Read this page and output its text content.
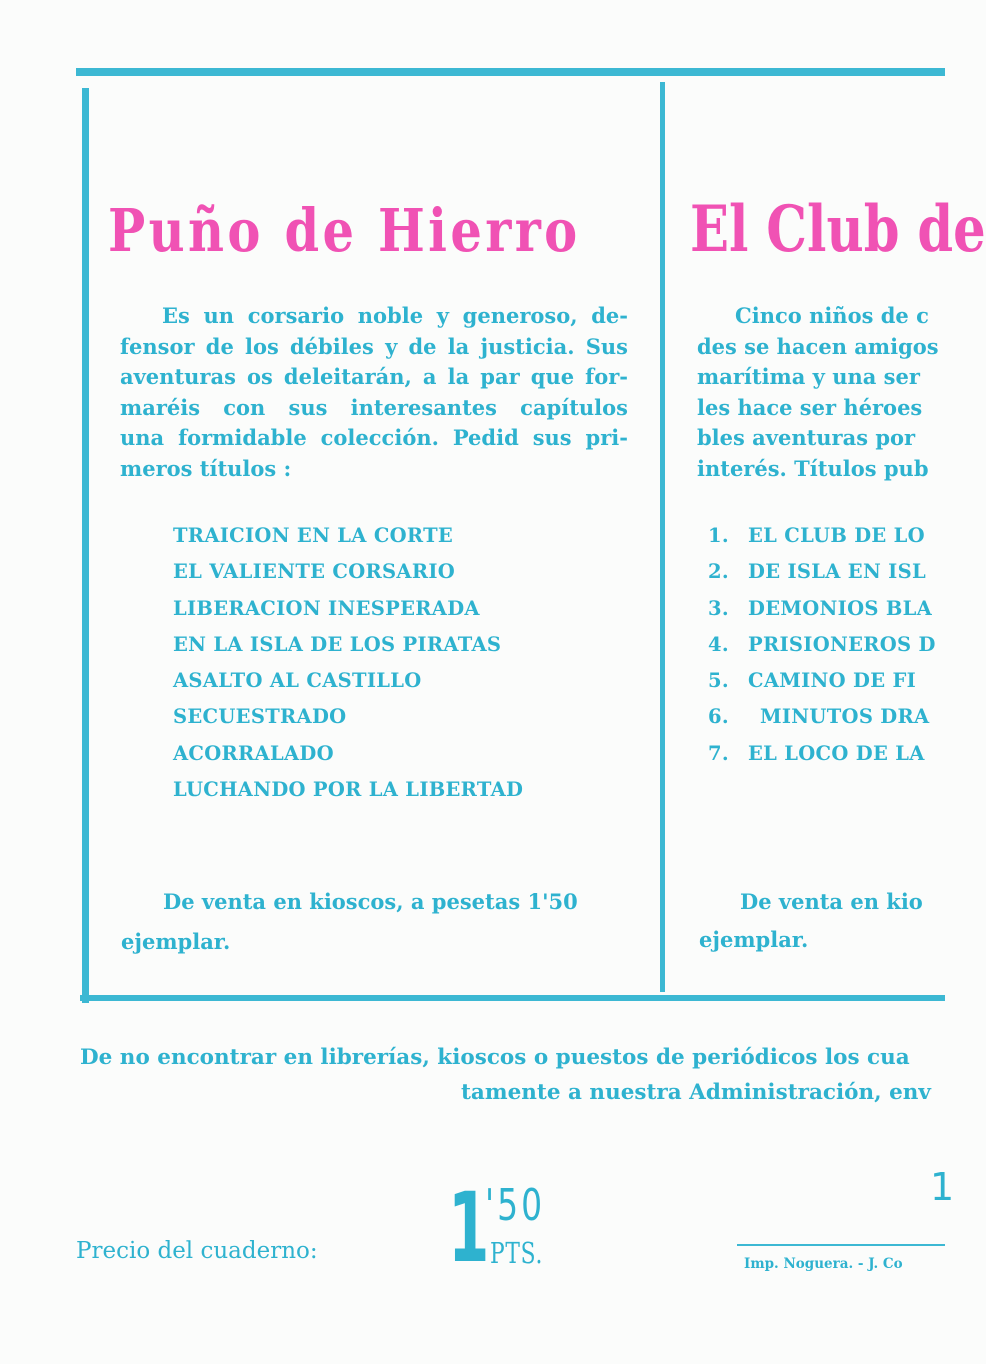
Puño de Hierro
Es un corsario noble y generoso, de-
fensor de los débiles y de la justicia. Sus
aventuras os deleitarán, a la par que for-
maréis con sus interesantes capítulos
una formidable colección. Pedid sus pri-
meros títulos :
TRAICION EN LA CORTE
EL VALIENTE CORSARIO
LIBERACION INESPERADA
EN LA ISLA DE LOS PIRATAS
ASALTO AL CASTILLO
SECUESTRADO
ACORRALADO
LUCHANDO POR LA LIBERTAD
De venta en kioscos, a pesetas 1'50
ejemplar.
El Club de
Cinco niños de c
des se hacen amigos
marítima y una ser
les hace ser héroes
bles aventuras por
interés. Títulos pub
1. EL CLUB DE LO
2. DE ISLA EN ISL
3. DEMONIOS BLA
4. PRISIONEROS D
5. CAMINO DE FI
6. MINUTOS DRA
7. EL LOCO DE LA
De venta en kio
ejemplar.
De no encontrar en librerías, kioscos o puestos de periódicos los cua
tamente a nuestra Administración, env
Precio del cuaderno: 1
'50
PTS.
1
Imp. Noguera. - J. Co
